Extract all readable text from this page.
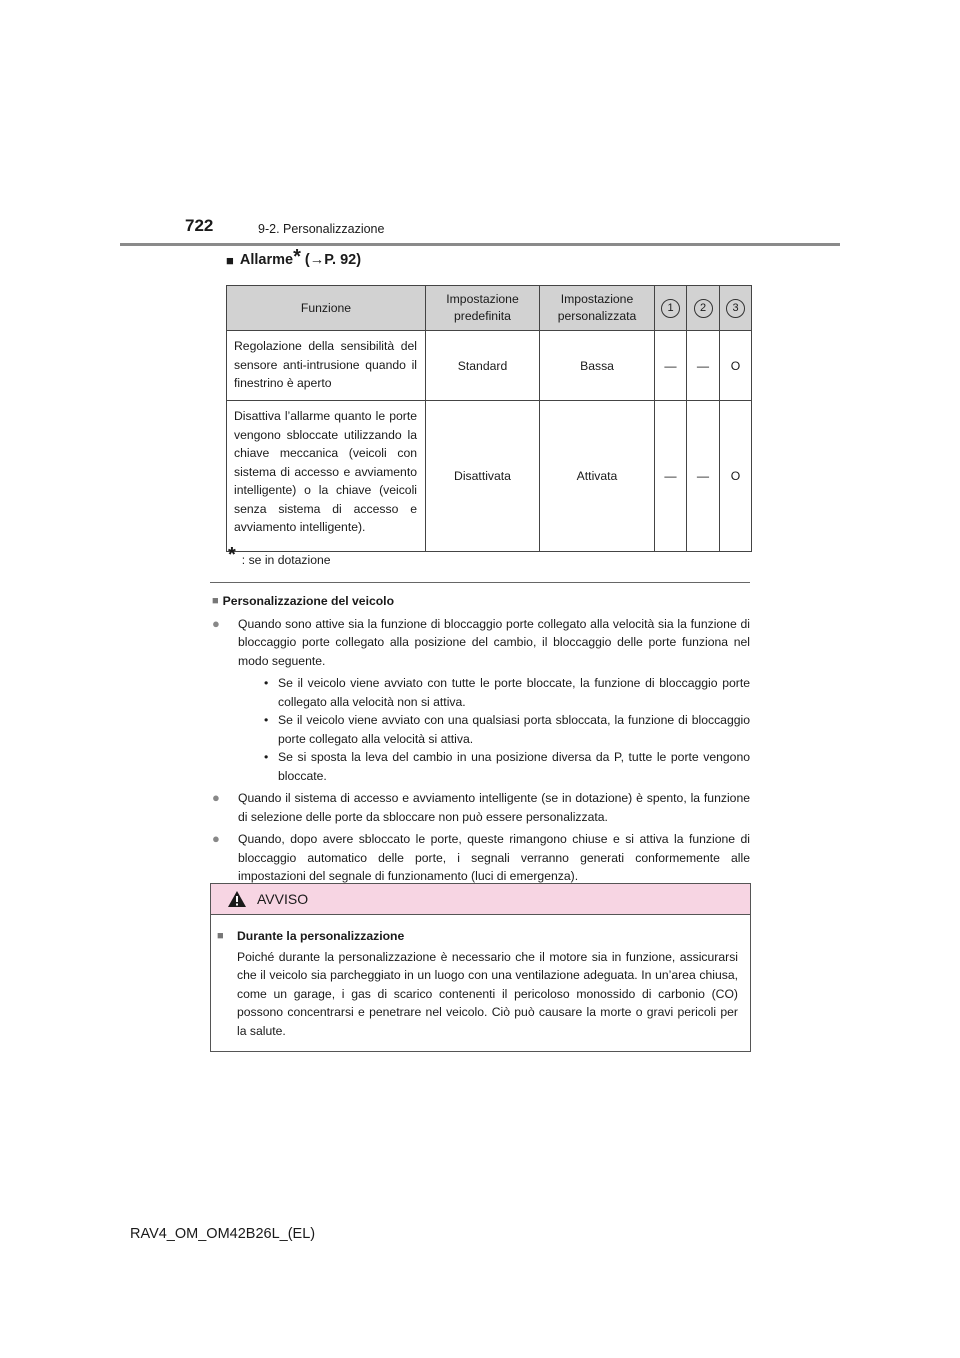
722	9-2. Personalizzazione
■ Allarme *
(→P. 92)
Funzione	Impostazione predefinita	Impostazione personalizzata	1	2	3
Regolazione della sensibilità del sensore anti-intrusione quando il finestrino è aperto	Standard	Bassa	—	—	O
Disattiva l’allarme quanto le porte vengono sbloccate utilizzando la chiave meccanica (veicoli con sistema di accesso e avviamento intelligente) o la chiave (veicoli senza sistema di accesso e avviamento intelligente).	Disattivata	Attivata	—	—	O
* : se in dotazione
■ Personalizzazione del veicolo
●	Quando sono attive sia la funzione di bloccaggio porte collegato alla velocità sia la funzione di bloccaggio porte collegato alla posizione del cambio, il bloccaggio delle porte funziona nel modo seguente.
• Se il veicolo viene avviato con tutte le porte bloccate, la funzione di bloccaggio porte collegato alla velocità non si attiva.
• Se il veicolo viene avviato con una qualsiasi porta sbloccata, la funzione di bloccaggio porte collegato alla velocità si attiva.
• Se si sposta la leva del cambio in una posizione diversa da P, tutte le porte vengono bloccate.
●	Quando il sistema di accesso e avviamento intelligente (se in dotazione) è spento, la funzione di selezione delle porte da sbloccare non può essere personalizzata.
●	Quando, dopo avere sbloccato le porte, queste rimangono chiuse e si attiva la funzione di bloccaggio automatico delle porte, i segnali verranno generati conformemente alle impostazioni del segnale di funzionamento (luci di emergenza).
AVVISO
■	Durante la personalizzazione
Poiché durante la personalizzazione è necessario che il motore sia in funzione, assicurarsi che il veicolo sia parcheggiato in un luogo con una ventilazione adeguata. In un’area chiusa, come un garage, i gas di scarico contenenti il pericoloso monossido di carbonio (CO) possono concentrarsi e penetrare nel veicolo. Ciò può causare la morte o gravi pericoli per la salute.
RAV4_OM_OM42B26L_(EL)
